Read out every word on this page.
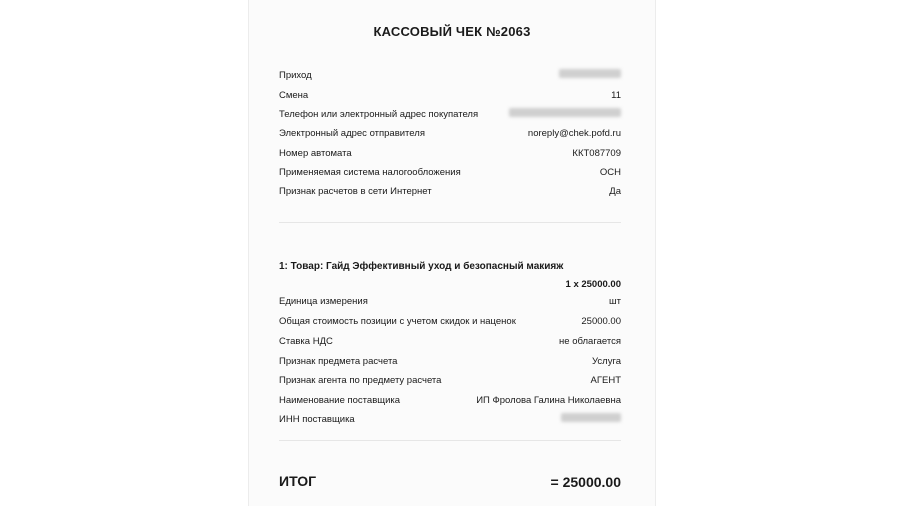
КАССОВЫЙ ЧЕК №2063
Приход
Смена	11
Телефон или электронный адрес покупателя
Электронный адрес отправителя	noreply@chek.pofd.ru
Номер автомата	ККТ087709
Применяемая система налогообложения	ОСН
Признак расчетов в сети Интернет	Да
1: Товар: Гайд Эффективный уход и безопасный макияж
1 x 25000.00
Единица измерения	шт
Общая стоимость позиции с учетом скидок и наценок	25000.00
Ставка НДС	не облагается
Признак предмета расчета	Услуга
Признак агента по предмету расчета	АГЕНТ
Наименование поставщика	ИП Фролова Галина Николаевна
ИНН поставщика
ИТОГ	= 25000.00
